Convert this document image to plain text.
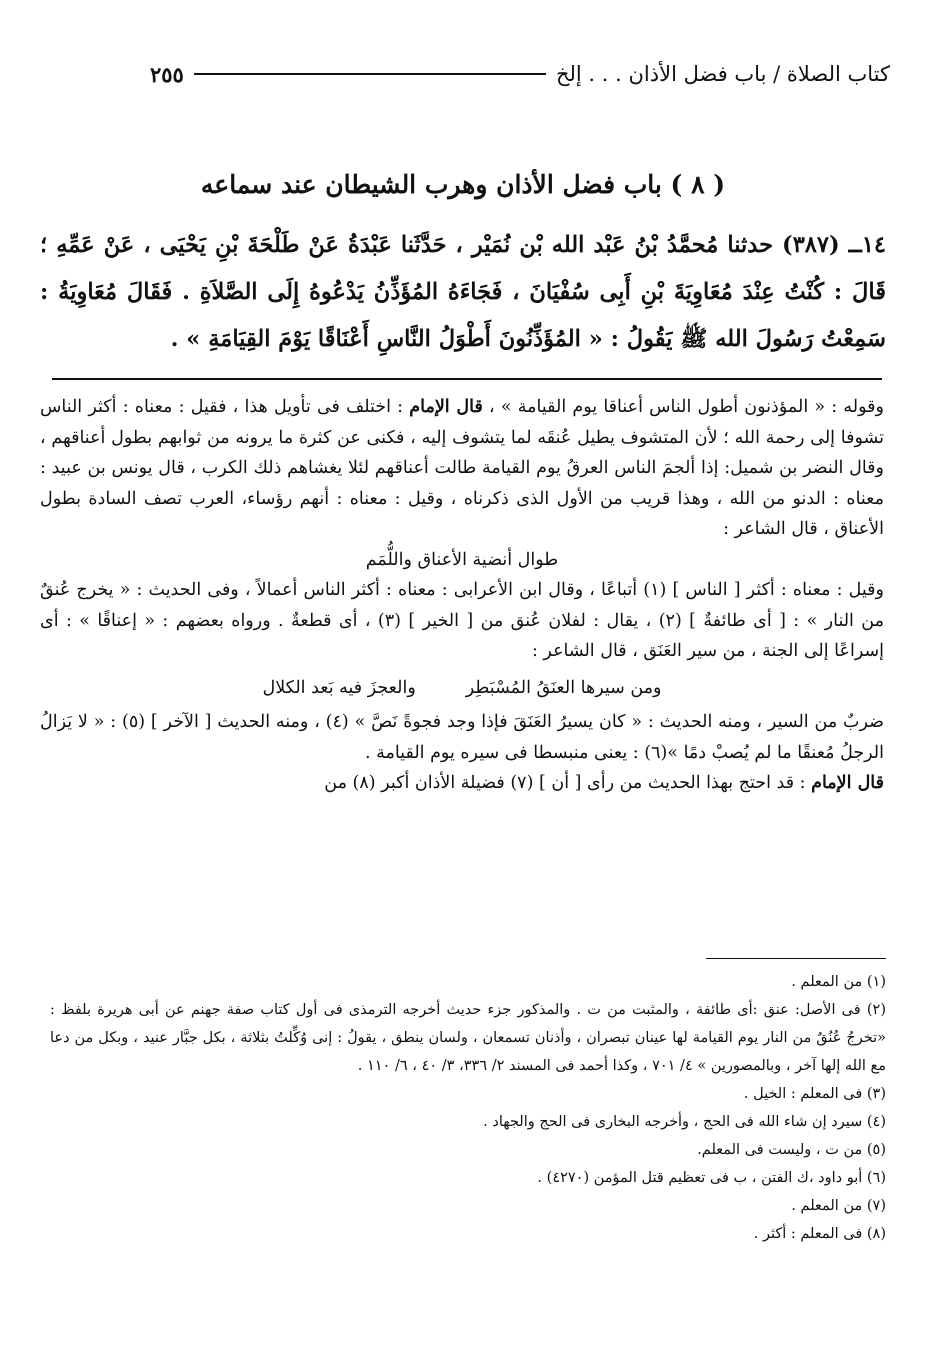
كتاب الصلاة / باب فضل الأذان . . . إلخ
٢٥٥
( ٨ ) باب فضل الأذان وهرب الشيطان عند سماعه
١٤ــ (٣٨٧) حدثنا مُحمَّدُ بْنُ عَبْد الله بْن نُمَيْر ، حَدَّثَنا عَبْدَةُ عَنْ طَلْحَةَ بْنِ يَحْيَى ، عَنْ عَمِّهِ ؛ قَالَ : كُنْتُ عِنْدَ مُعَاوِيَةَ بْنِ أَبِى سُفْيَانَ ، فَجَاءَهُ المُؤَذِّنُ يَدْعُوهُ إِلَى الصَّلاَةِ . فَقَالَ مُعَاوِيَةُ : سَمِعْتُ رَسُولَ الله ﷺ يَقُولُ : « المُؤَذِّنُونَ أَطْوَلُ النَّاسِ أَعْنَاقًا يَوْمَ القِيَامَةِ » .

وقوله : « المؤذنون أطول الناس أعناقا يوم القيامة » ، قال الإمام : اختلف فى تأويل هذا ، فقيل : معناه : أكثر الناس تشوفا إلى رحمة الله ؛ لأن المتشوف يطيل عُنقَه لما يتشوف إليه ، فكنى عن كثرة ما يرونه من ثوابهم بطول أعناقهم ، وقال النضر بن شميل: إذا ألجمَ الناس العرقُ يوم القيامة طالت أعناقهم لئلا يغشاهم ذلك الكرب ، قال يونس بن عبيد : معناه : الدنو من الله ، وهذا قريب من الأول الذى ذكرناه ، وقيل : معناه : أنهم رؤساء، العرب تصف السادة بطول الأعناق ، قال الشاعر :

طوال أنضية الأعناق واللُّمَم

وقيل : معناه : أكثر [ الناس ] (١) أتباعًا ، وقال ابن الأعرابى : معناه : أكثر الناس أعمالاً ، وفى الحديث : « يخرج عُنقٌ من النار » : [ أى طائفةٌ ] (٢) ، يقال : لفلان عُنق من [ الخير ] (٣) ، أى قطعةٌ . ورواه بعضهم : « إعناقًا » : أى إسراعًا إلى الجنة ، من سير العَنَق ، قال الشاعر :

ومن سيرها العنَقُ المُسْبَطِر
والعجزَ فيه بَعد الكلال

ضربٌ من السير ، ومنه الحديث : « كان يسيرُ العَنَقَ فإذا وجد فجوةً نَصَّ » (٤) ، ومنه الحديث [ الآخر ] (٥) : « لا يَزالُ الرجلُ مُعنقًا ما لم يُصبْ دمًا »(٦) : يعنى منبسطا فى سيره يوم القيامة .

قال الإمام : قد احتج بهذا الحديث من رأى [ أن ] (٧) فضيلة الأذان أكبر (٨) من

(١) من المعلم .

(٢) فى الأصل: عنق :أى طائفة ، والمثبت من ت . والمذكور جزء حديث أخرجه الترمذى فى أول كتاب صفة جهنم عن أبى هريرة بلفظ : «تخرجُ عُنُقٌ من النار يوم القيامة لها عينان تبصران ، وأذنان تسمعان ، ولسان ينطق ، يقولُ : إنى وُكِّلتُ بثلاثة ، بكل جبَّار عنيد ، وبكل من دعا مع الله إلها آخر ، وبالمصورين » ٤/ ٧٠١ ، وكذا أحمد فى المسند ٢/ ٣٣٦، ٣/ ٤٠ ، ٦/ ١١٠ .

(٣) فى المعلم : الخيل .

(٤) سيرد إن شاء الله فى الحج ، وأخرجه البخارى فى الحج والجهاد .

(٥) من ت ، وليست فى المعلم.

(٦) أبو داود ،ك الفتن ، ب فى تعظيم قتل المؤمن (٤٢٧٠) .

(٧) من المعلم .

(٨) فى المعلم : أكثر .
